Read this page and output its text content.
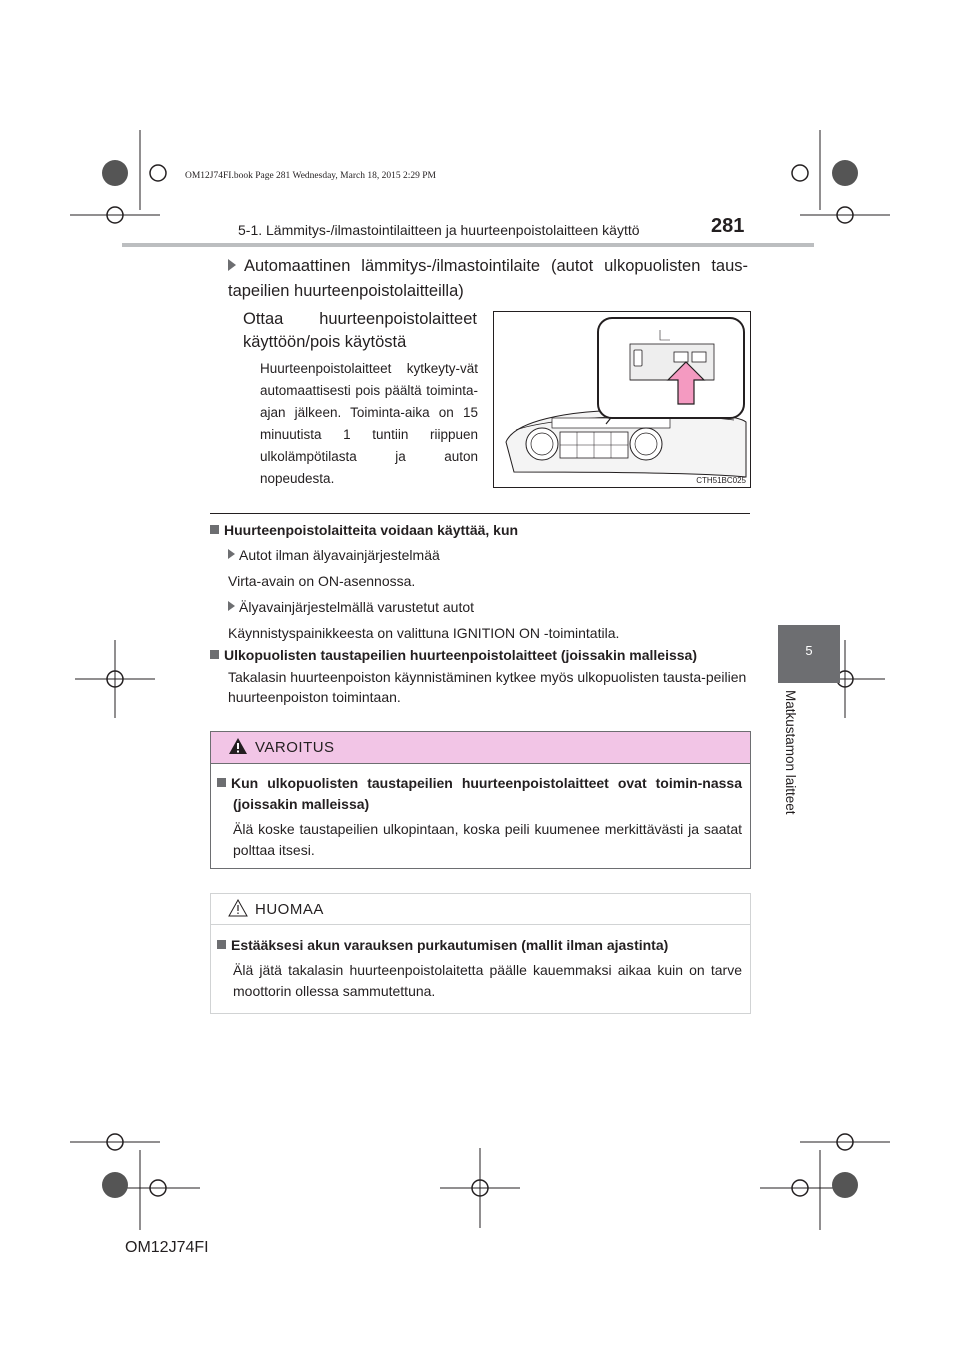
OM12J74FI.book Page 281 Wednesday, March 18, 2015 2:29 PM
5-1. Lämmitys-/ilmastointilaitteen ja huurteenpoistolaitteen käyttö	281
5
Matkustamon laitteet
Automaattinen lämmitys-/ilmastointilaite (autot ulkopuolisten taus-tapeilien huurteenpoistolaitteilla)
Ottaa huurteenpoistolaitteet käyttöön/pois käytöstä
Huurteenpoistolaitteet kytkeyty-vät automaattisesti pois päältä toiminta-ajan jälkeen. Toiminta-aika on 15 minuutista 1 tuntiin riippuen ulkolämpötilasta ja auton nopeudesta.	CTH51BC025
Huurteenpoistolaitteita voidaan käyttää, kun
Autot ilman älyavainjärjestelmää
Virta-avain on ON-asennossa.
Älyavainjärjestelmällä varustetut autot
Käynnistyspainikkeesta on valittuna IGNITION ON -toimintatila.
Ulkopuolisten taustapeilien huurteenpoistolaitteet (joissakin malleissa)
Takalasin huurteenpoiston käynnistäminen kytkee myös ulkopuolisten tausta-peilien huurteenpoiston toimintaan.
VAROITUS
Kun ulkopuolisten taustapeilien huurteenpoistolaitteet ovat toimin-nassa (joissakin malleissa)
Älä koske taustapeilien ulkopintaan, koska peili kuumenee merkittävästi ja saatat polttaa itsesi.
HUOMAA
Estääksesi akun varauksen purkautumisen (mallit ilman ajastinta)
Älä jätä takalasin huurteenpoistolaitetta päälle kauemmaksi aikaa kuin on tarve moottorin ollessa sammutettuna.
OM12J74FI
